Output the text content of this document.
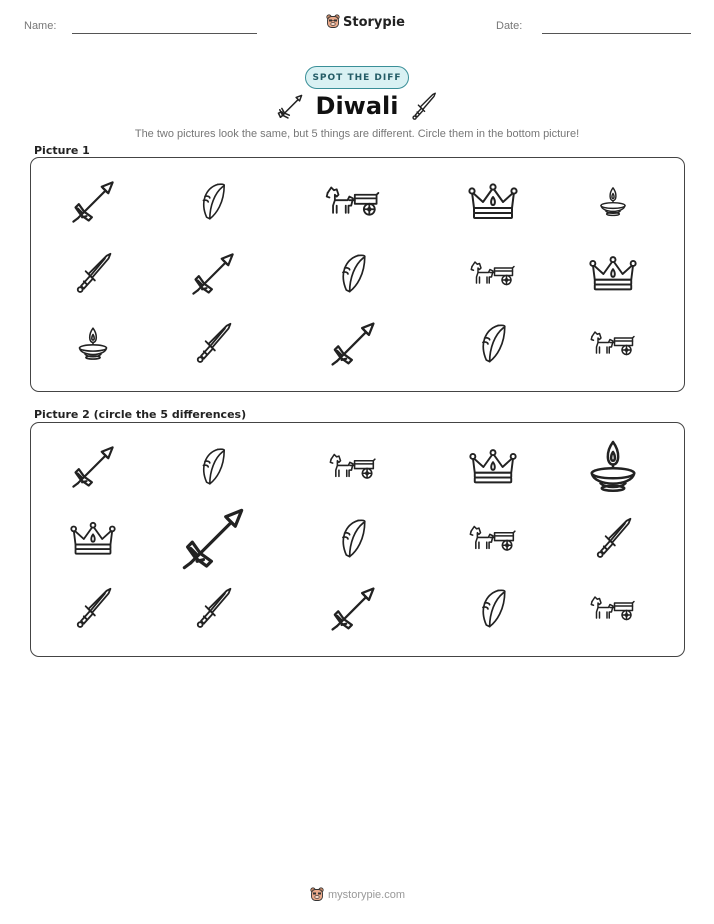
Name:	Storypie	Date:
SPOT THE DIFF
Diwali
The two pictures look the same, but 5 things are different. Circle them in the bottom picture!
Picture 1
Picture 2 (circle the 5 differences)
mystorypie.com
